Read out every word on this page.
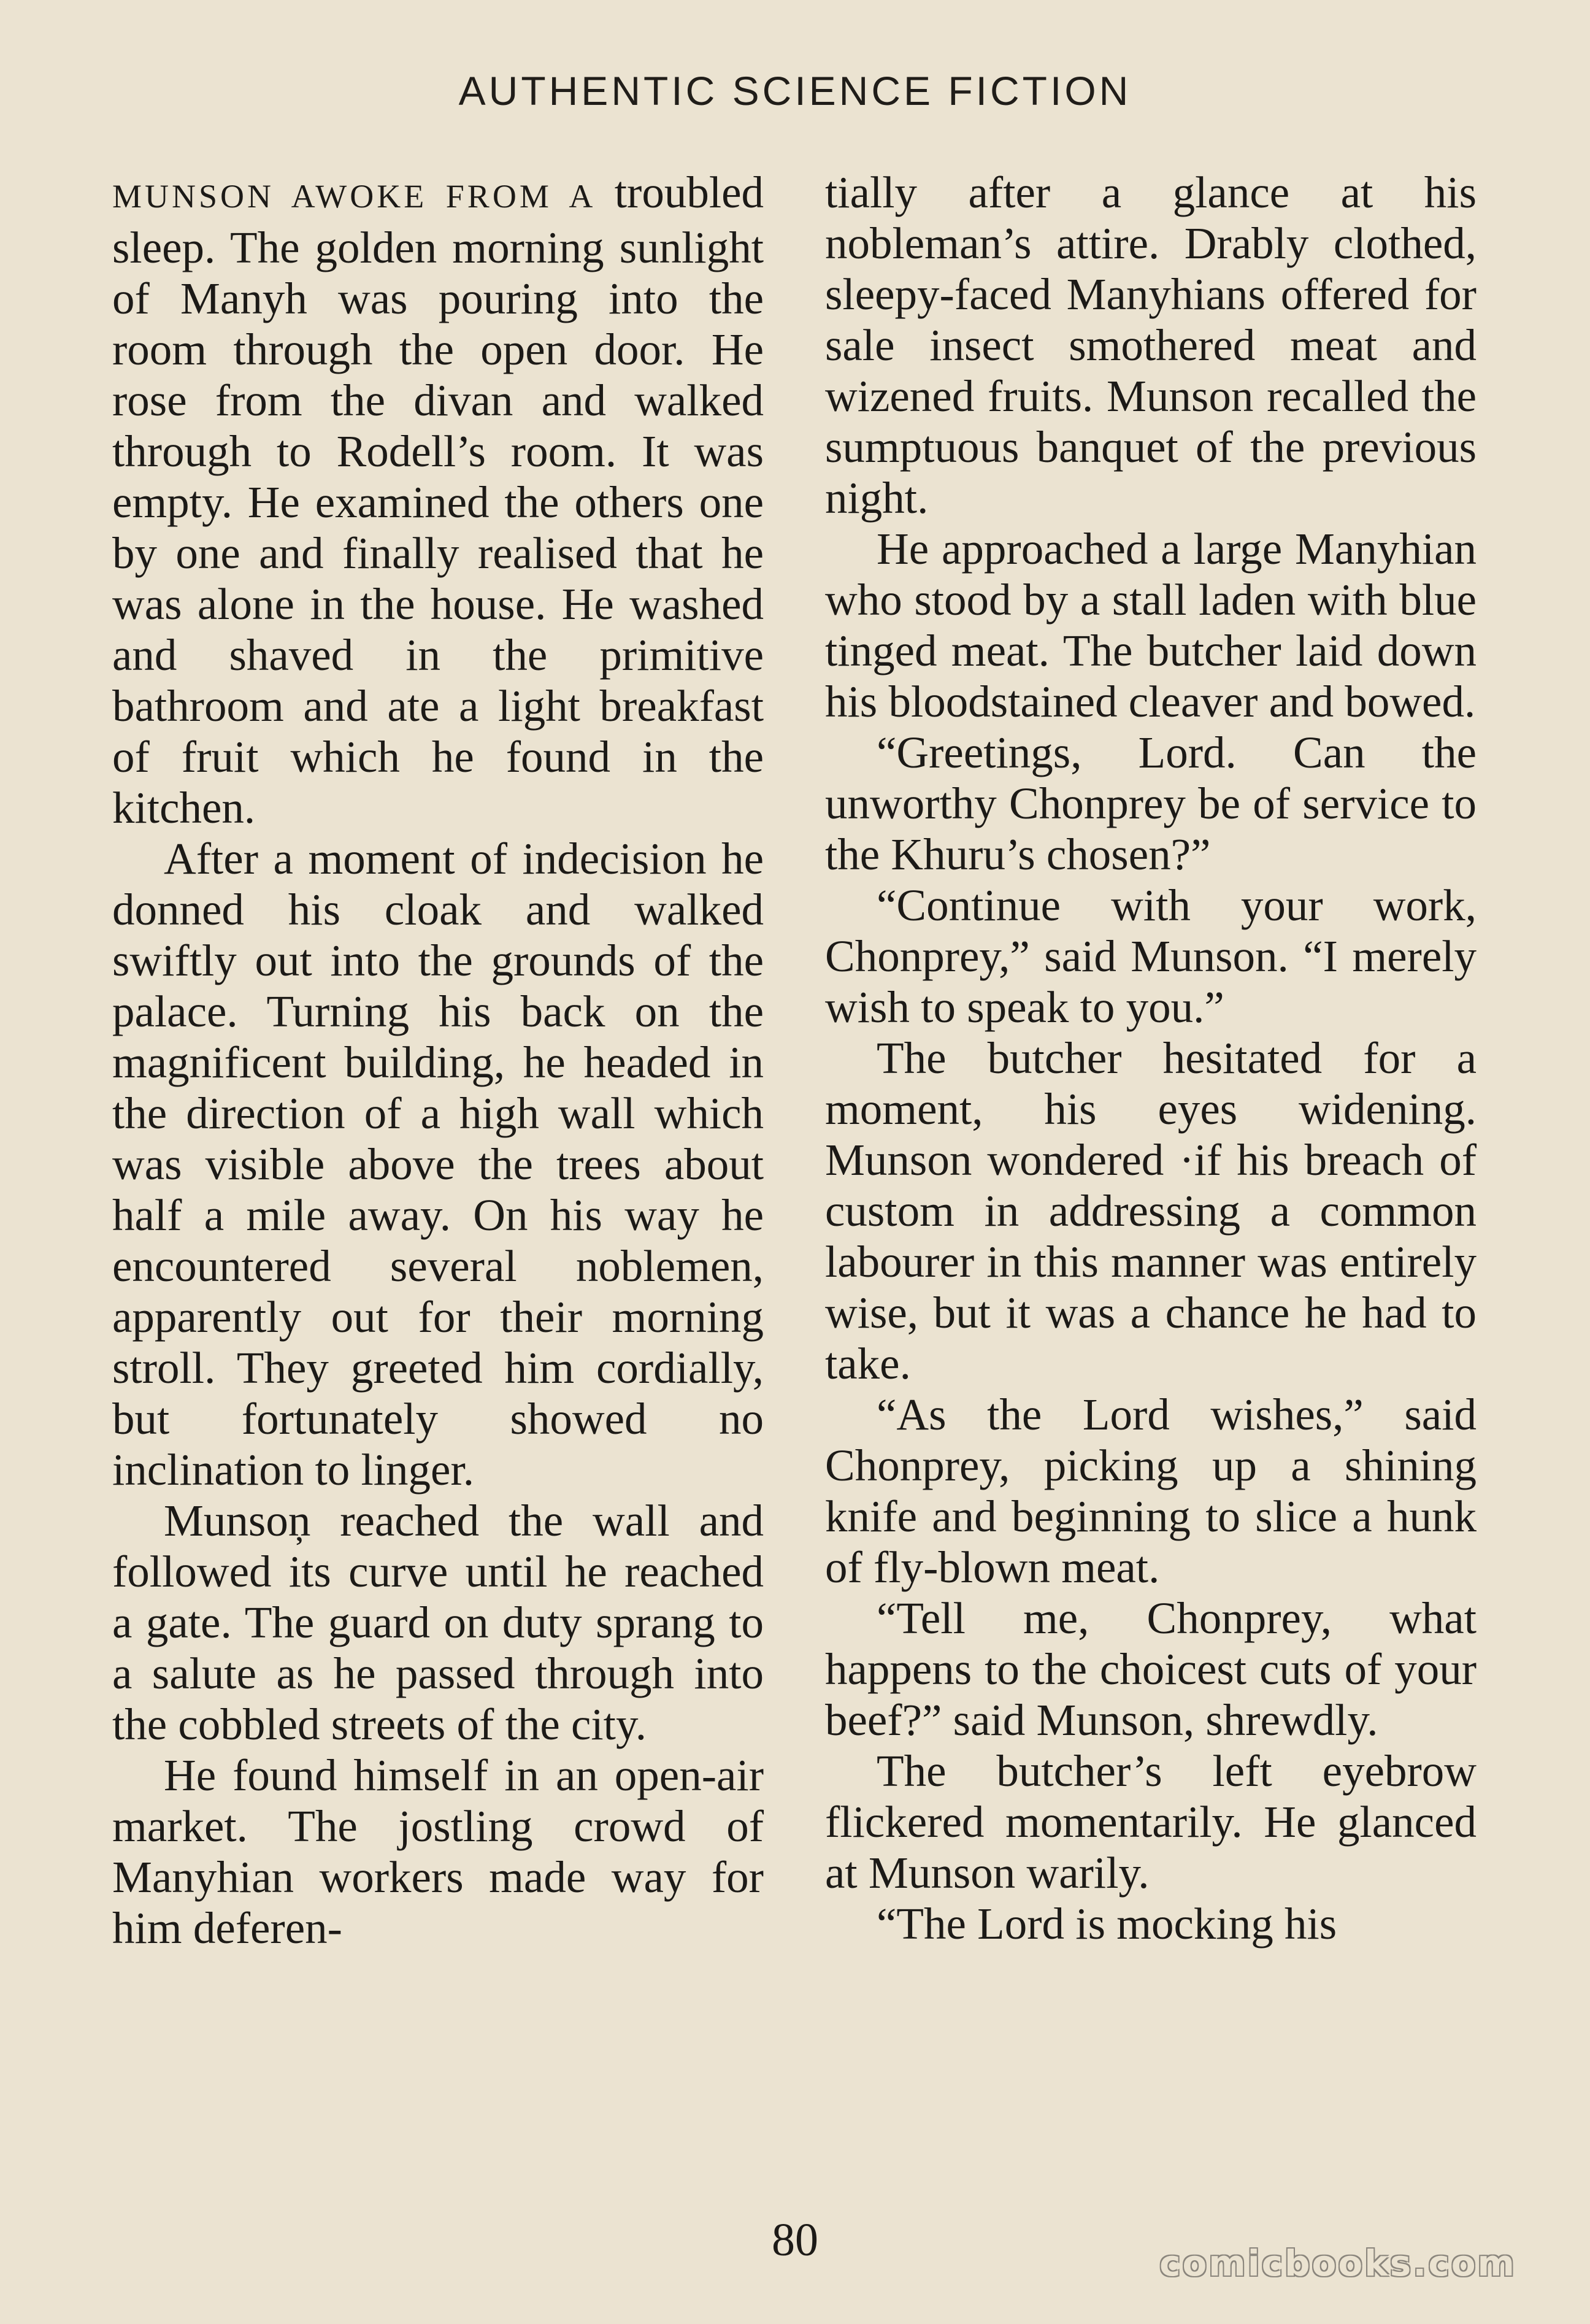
AUTHENTIC SCIENCE FICTION

MUNSON AWOKE FROM A troubled sleep. The golden morning sunlight of Manyh was pouring into the room through the open door. He rose from the divan and walked through to Rodell’s room. It was empty. He examined the others one by one and finally realised that he was alone in the house. He washed and shaved in the primitive bathroom and ate a light breakfast of fruit which he found in the kitchen.

After a moment of indecision he donned his cloak and walked swiftly out into the grounds of the palace. Turning his back on the magnificent building, he headed in the direction of a high wall which was visible above the trees about half a mile away. On his way he encountered several noblemen, apparently out for their morning stroll. They greeted him cordially, but fortunately showed no inclination to linger.

Munsoņ reached the wall and followed its curve until he reached a gate. The guard on duty sprang to a salute as he passed through into the cobbled streets of the city.

He found himself in an open-air market. The jostling crowd of Manyhian workers made way for him deferen-

tially after a glance at his nobleman’s attire. Drably clothed, sleepy-faced Manyhians offered for sale insect smothered meat and wizened fruits. Munson recalled the sumptuous banquet of the previous night.

He approached a large Manyhian who stood by a stall laden with blue tinged meat. The butcher laid down his bloodstained cleaver and bowed.

“Greetings, Lord. Can the unworthy Chonprey be of service to the Khuru’s chosen?”

“Continue with your work, Chonprey,” said Munson. “I merely wish to speak to you.”

The butcher hesitated for a moment, his eyes widening. Munson wondered ·if his breach of custom in addressing a common labourer in this manner was entirely wise, but it was a chance he had to take.

“As the Lord wishes,” said Chonprey, picking up a shining knife and beginning to slice a hunk of fly-blown meat.

“Tell me, Chonprey, what happens to the choicest cuts of your beef?” said Munson, shrewdly.

The butcher’s left eyebrow flickered momentarily. He glanced at Munson warily.

“The Lord is mocking his

80	comicbooks.com
